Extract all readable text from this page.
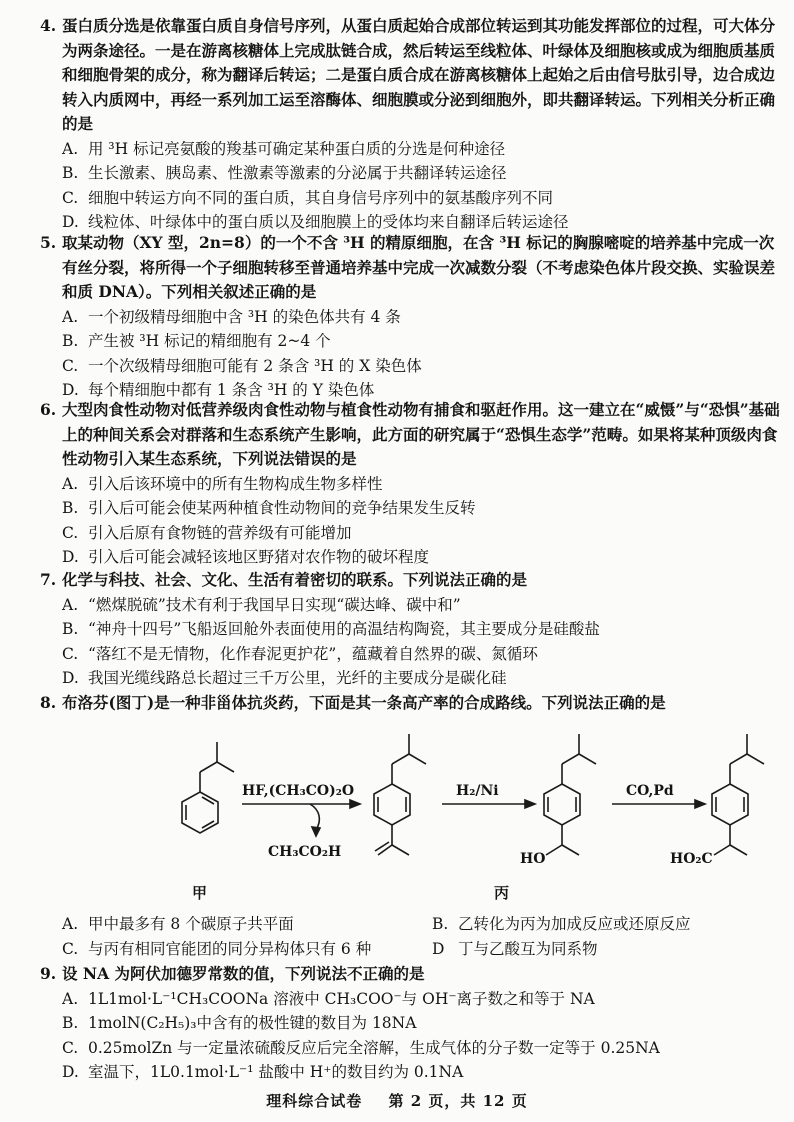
4. 蛋白质分选是依靠蛋白质自身信号序列，从蛋白质起始合成部位转运到其功能发挥部位的过程，可大体分为两条途径。一是在游离核糖体上完成肽链合成，然后转运至线粒体、叶绿体及细胞核或成为细胞质基质和细胞骨架的成分，称为翻译后转运；二是蛋白质合成在游离核糖体上起始之后由信号肽引导，边合成边转入内质网中，再经一系列加工运至溶酶体、细胞膜或分泌到细胞外，即共翻译转运。下列相关分析正确的是

A. 用 ³H 标记亮氨酸的羧基可确定某种蛋白质的分选是何种途径

B. 生长激素、胰岛素、性激素等激素的分泌属于共翻译转运途径

C. 细胞中转运方向不同的蛋白质，其自身信号序列中的氨基酸序列不同

D. 线粒体、叶绿体中的蛋白质以及细胞膜上的受体均来自翻译后转运途径

5. 取某动物（XY 型，2n=8）的一个不含 ³H 的精原细胞，在含 ³H 标记的胸腺嘧啶的培养基中完成一次有丝分裂，将所得一个子细胞转移至普通培养基中完成一次减数分裂（不考虑染色体片段交换、实验误差和质 DNA）。下列相关叙述正确的是

A. 一个初级精母细胞中含 ³H 的染色体共有 4 条

B. 产生被 ³H 标记的精细胞有 2~4 个

C. 一个次级精母细胞可能有 2 条含 ³H 的 X 染色体

D. 每个精细胞中都有 1 条含 ³H 的 Y 染色体

6. 大型肉食性动物对低营养级肉食性动物与植食性动物有捕食和驱赶作用。这一建立在“威慑”与“恐惧”基础上的种间关系会对群落和生态系统产生影响，此方面的研究属于“恐惧生态学”范畴。如果将某种顶级肉食性动物引入某生态系统，下列说法错误的是

A. 引入后该环境中的所有生物构成生物多样性

B. 引入后可能会使某两种植食性动物间的竞争结果发生反转

C. 引入后原有食物链的营养级有可能增加

D. 引入后可能会减轻该地区野猪对农作物的破坏程度

7. 化学与科技、社会、文化、生活有着密切的联系。下列说法正确的是

A. “燃煤脱硫”技术有利于我国早日实现“碳达峰、碳中和”

B. “神舟十四号”飞船返回舱外表面使用的高温结构陶瓷，其主要成分是硅酸盐

C. “落红不是无情物，化作春泥更护花”，蕴藏着自然界的碳、氮循环

D. 我国光缆线路总长超过三千万公里，光纤的主要成分是碳化硅

8. 布洛芬(图丁)是一种非甾体抗炎药，下面是其一条高产率的合成路线。下列说法正确的是

HF,(CH₃CO)₂O
CH₃CO₂H
H₂/Ni	CO,Pd
HO	HO₂C
甲	丙

A. 甲中最多有 8 个碳原子共平面	B. 乙转化为丙为加成反应或还原反应

C. 与丙有相同官能团的同分异构体只有 6 种	D 丁与乙酸互为同系物

9. 设 NA 为阿伏加德罗常数的值，下列说法不正确的是

A. 1L1mol·L⁻¹CH₃COONa 溶液中 CH₃COO⁻与 OH⁻离子数之和等于 NA

B. 1molN(C₂H₅)₃中含有的极性键的数目为 18NA

C. 0.25molZn 与一定量浓硫酸反应后完全溶解，生成气体的分子数一定等于 0.25NA

D. 室温下，1L0.1mol·L⁻¹ 盐酸中 H⁺的数目约为 0.1NA

理科综合试卷 第 2 页，共 12 页
